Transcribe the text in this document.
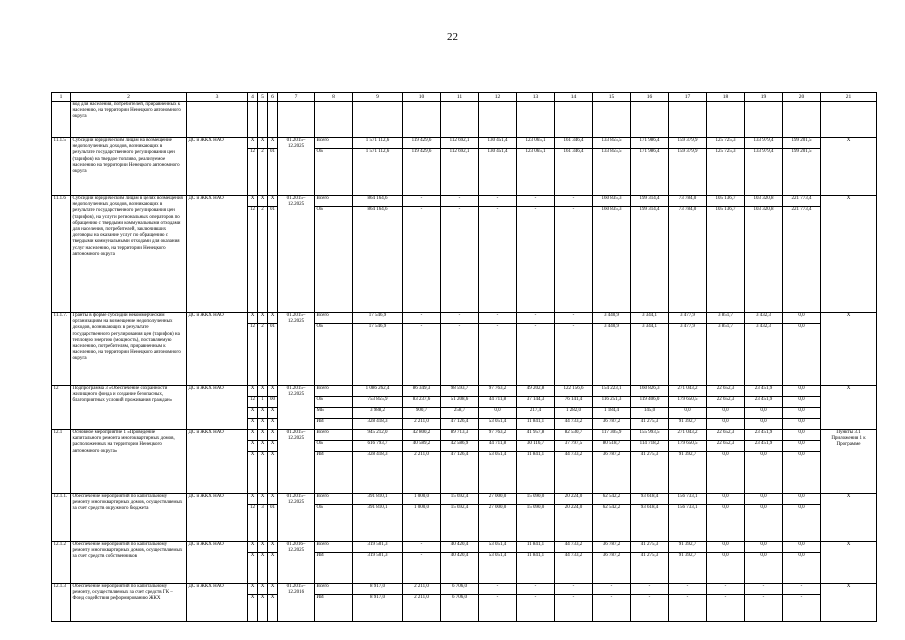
22
1	2	3	4	5	6	7	8	9	10	11	12	13	14	15	16	17	18	19	20	21
	вод для населения, потребителей, приравненных к населению, на территории Ненецкого автономного округа																			
11.1.5	Субсидии юридическим лицам на возмещение недополученных доходов, возникающих в результате государственного регулирования цен (тарифов) на твердое топливо, реализуемое населению на территории Ненецкого автономного округа	ДС и ЖКХ НАО	X	X	X	01.2015– 12.2025	Всего	1 571 112,6	119 429,6	112 692,1	130 451,4	123 065,1	161 346,4	133 855,5	171 986,4	159 379,9	125 725,3	133 979,4	199 201,5	X
			12	2	01		ОБ	1 571 112,6	119 429,6	112 692,1	130 451,4	123 065,1	161 346,4	133 855,5	171 986,4	159 379,9	125 725,3	133 979,4	199 201,5	
11.1.6	Субсидии юридическим лицам в целях возмещения недополученных доходов, возникающих в результате государственного регулирования цен (тарифов), на услуги региональных операторов по обращению с твердыми коммунальными отходами для населения, потребителей, заключивших договоры на оказание услуг по обращению с твердыми коммунальными отходами для оказания услуг населению, на территории Ненецкого автономного округа	ДС и ЖКХ НАО	X	X	X	01.2015– 12.2025	Всего	864 164,6	-	-	-	-	-	160 835,3	199 314,4	73 784,0	105 136,7	103 320,8	221 773,4	X
			12	2	01		ОБ	864 164,6	-	-	-	-	-	160 835,3	199 314,4	73 784,0	105 136,7	103 320,8	221 773,4	
11.1.7.	Гранты в форме субсидии некоммерческим организациям на возмещение недополученных доходов, возникающих в результате государственного регулирования цен (тарифов) на тепловую энергию (мощность), поставляемую населению, потребителям, приравненным к населению, на территории Ненецкого автономного округа	ДС и ЖКХ НАО	X	X	X	01.2015– 12.2025	Всего	17 546,9	-	-	-	-	-	3 440,9	3 344,1	3 477,9	3 851,7	3 432,3	0,0	X
			12	2	01		ОБ	17 546,9	-	-	-	-	-	3 440,9	3 344,1	3 477,9	3 851,7	3 432,3	0,0	
12	Подпрограмма 3 «Обеспечение сохранности жилищного фонда и создание безопасных, благоприятных условий проживания граждан»	ДС и ЖКХ НАО	X	X	X	01.2015– 12.2025	Всего	1 086 262,4	86 349,3	98 593,7	97 763,2	49 202,8	122 156,6	154 223,1	160 826,3	271 043,2	22 652,3	23 451,9	0,0	X
			12	1	00		ОБ	753 855,9	83 237,6	51 208,6	44 711,8	37 144,3	76 141,4	116 251,3	119 406,0	179 650,5	22 652,3	23 451,9	0,0	
			X	X	X		МБ	3 988,2	900,7	258,7	0,0	217,4	1 282,0	1 184,4	145,0	0,0	0,0	0,0	0,0	
			X	X	X		ИИ	328 418,3	2 211,0	47 126,4	53 051,4	11 841,1	44 733,2	36 787,2	41 275,3	91 392,7	0,0	0,0	0,0	
12.1	Основное мероприятие 1 «Проведение капитального ремонта многоквартирных домов, расположенных на территории Ненецкого автономного округа»	ДС и ЖКХ НАО	X	X	X	01.2015– 12.2025	Всего	945 212,0	42 800,2	89 713,3	97 763,2	41 957,8	82 530,7	117 305,9	155 993,5	271 043,2	22 652,3	23 451,9	0,0	Пункты 3.1 Приложения 1 к Программе
			X	X	X		ОБ	616 793,7	40 589,2	42 586,9	44 711,8	30 116,7	37 797,5	80 518,7	114 718,2	179 650,5	22 652,3	23 451,9	0,0	
			X	X	X		ИИ	328 418,3	2 211,0	47 126,4	53 051,4	11 841,1	44 733,2	36 787,2	41 275,3	91 392,7	0,0	0,0	0,0	
12.1.1.	Обеспечение мероприятий по капитальному ремонту многоквартирных домов, осуществляемых за счет средств окружного бюджета	ДС и ЖКХ НАО	X	X	X	01.2015– 12.2025	Всего	391 810,1	1 000,0	15 692,4	27 000,0	15 090,0	20 224,0	62 542,2	93 618,4	156 733,1	0,0	0,0	0,0	X
			12	3	01		ОБ	391 810,1	1 000,0	15 692,4	27 000,0	15 090,0	20 224,0	62 542,2	93 618,4	156 733,1	0,0	0,0	0,0	
12.1.2	Обеспечение мероприятий по капитальному ремонту многоквартирных домов, осуществляемых за счет средств собственников	ДС и ЖКХ НАО	X	X	X	01.2016– 12.2025	Всего	319 501,3	-	40 420,4	53 051,4	11 841,1	44 733,2	36 787,2	41 275,3	91 392,7	0,0	0,0	0,0	X
			X	X	X		ИИ	319 501,3	-	40 420,4	53 051,4	11 841,1	44 733,2	36 787,2	41 275,3	91 392,7	0,0	0,0	0,0	
12.1.3	Обеспечение мероприятий по капитальному ремонту, осуществляемых за счет средств ГК – Фонд содействия реформированию ЖКХ	ДС и ЖКХ НАО	X	X	X	01.2015– 12.2016	Всего	8 917,0	2 211,0	6 706,0	-	-	-	-	-	-	-	-	-	X
			X	X	X		ИИ	8 917,0	2 211,0	6 706,0	-	-	-	-	-	-	-	-	-	
